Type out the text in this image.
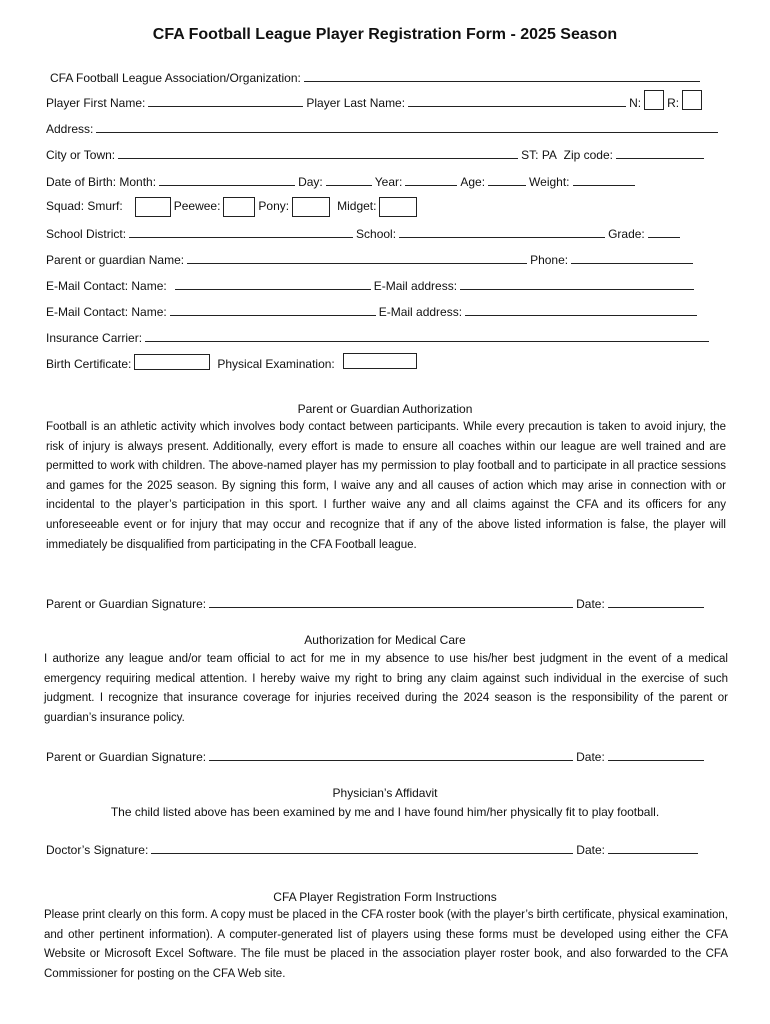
CFA Football League Player Registration Form - 2025 Season
CFA Football League Association/Organization:
Player First Name:	Player Last Name:	N: R:
Address:
City or Town:	ST: PA Zip code:
Date of Birth: Month:	Day:	Year:	Age:	Weight:
Squad: Smurf:	Peewee:	Pony:	Midget:
School District:	School:	Grade:
Parent or guardian Name:	Phone:
E-Mail Contact: Name:	E-Mail address:
E-Mail Contact: Name:	E-Mail address:
Insurance Carrier:
Birth Certificate:	Physical Examination:
Parent or Guardian Authorization
Football is an athletic activity which involves body contact between participants. While every precaution is taken to avoid injury, the risk of injury is always present. Additionally, every effort is made to ensure all coaches within our league are well trained and are permitted to work with children. The above-named player has my permission to play football and to participate in all practice sessions and games for the 2025 season. By signing this form, I waive any and all causes of action which may arise in connection with or incidental to the player’s participation in this sport. I further waive any and all claims against the CFA and its officers for any unforeseeable event or for injury that may occur and recognize that if any of the above listed information is false, the player will immediately be disqualified from participating in the CFA Football league.
Parent or Guardian Signature:	Date:
Authorization for Medical Care
I authorize any league and/or team official to act for me in my absence to use his/her best judgment in the event of a medical emergency requiring medical attention. I hereby waive my right to bring any claim against such individual in the exercise of such judgment. I recognize that insurance coverage for injuries received during the 2024 season is the responsibility of the parent or guardian’s insurance policy.
Parent or Guardian Signature:	Date:
Physician’s Affidavit
The child listed above has been examined by me and I have found him/her physically fit to play football.
Doctor’s Signature:	Date:
CFA Player Registration Form Instructions
Please print clearly on this form. A copy must be placed in the CFA roster book (with the player’s birth certificate, physical examination, and other pertinent information). A computer-generated list of players using these forms must be developed using either the CFA Website or Microsoft Excel Software. The file must be placed in the association player roster book, and also forwarded to the CFA Commissioner for posting on the CFA Web site.
